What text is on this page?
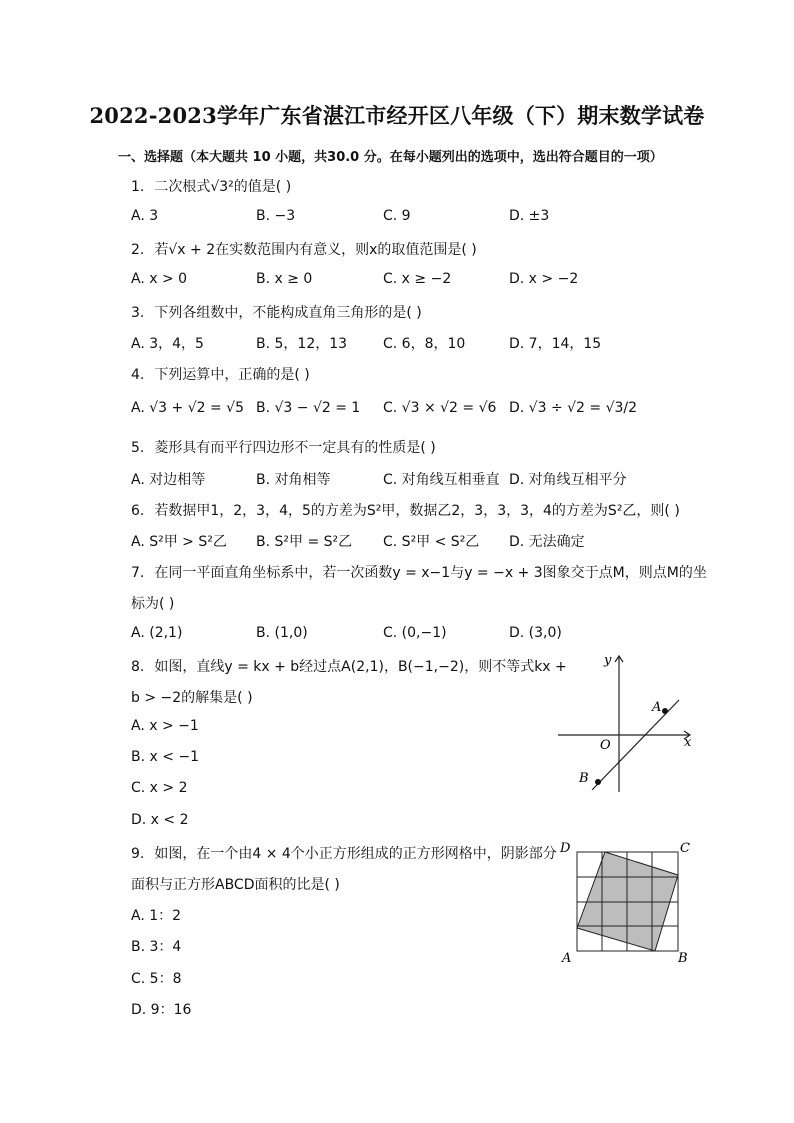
2022-2023学年广东省湛江市经开区八年级（下）期末数学试卷
一、选择题（本大题共 10 小题，共30.0 分。在每小题列出的选项中，选出符合题目的一项）
1. 二次根式√3²的值是( )
A. 3	B. −3	C. 9	D. ±3
2. 若√x + 2在实数范围内有意义，则x的取值范围是( )
A. x > 0	B. x ≥ 0	C. x ≥ −2	D. x > −2
3. 下列各组数中，不能构成直角三角形的是( )
A. 3，4，5	B. 5，12，13	C. 6，8，10	D. 7，14，15
4. 下列运算中，正确的是( )
A. √3 + √2 = √5 B. √3 − √2 = 1 C. √3 × √2 = √6 D. √3 ÷ √2 = √3/2
5. 菱形具有而平行四边形不一定具有的性质是( )
A. 对边相等	B. 对角相等	C. 对角线互相垂直 D. 对角线互相平分
6. 若数据甲1，2，3，4，5的方差为S²甲，数据乙2，3，3，3，4的方差为S²乙，则( )
A. S²甲 > S²乙 B. S²甲 = S²乙 C. S²甲 < S²乙 D. 无法确定
7. 在同一平面直角坐标系中，若一次函数y = x−1与y = −x + 3图象交于点M，则点M的坐
标为( )
A. (2,1)	B. (1,0)	C. (0,−1)	D. (3,0)
8. 如图，直线y = kx + b经过点A(2,1)，B(−1,−2)，则不等式kx +
b > −2的解集是( )
A. x > −1
B. x < −1
C. x > 2
D. x < 2
y
x
O
A
B
9. 如图，在一个由4 × 4个小正方形组成的正方形网格中，阴影部分
面积与正方形ABCD面积的比是( )
A. 1：2
B. 3：4
C. 5：8
D. 9：16
D	C
A	B
